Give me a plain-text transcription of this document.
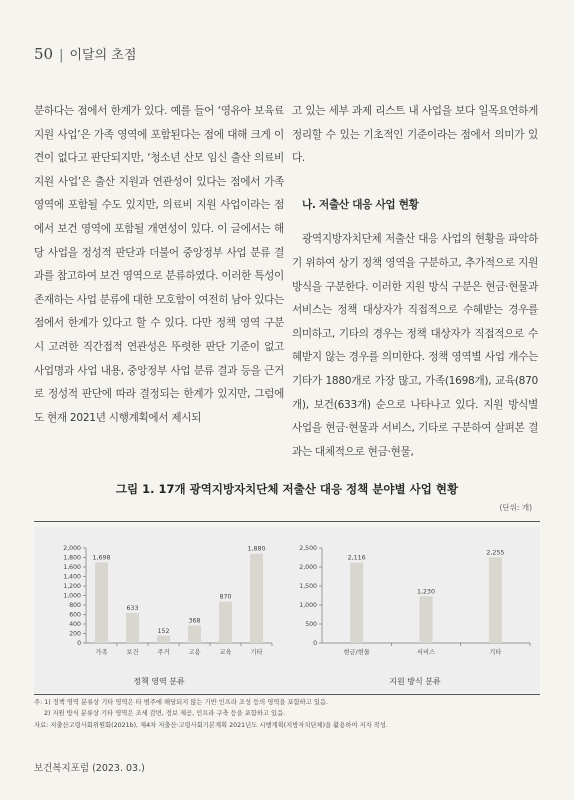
50 | 이달의 초점

분하다는 점에서 한계가 있다. 예를 들어 ‘영유아 보육료 지원 사업’은 가족 영역에 포함된다는 점에 대해 크게 이견이 없다고 판단되지만, ‘청소년 산모 임신 출산 의료비 지원 사업’은 출산 지원과 연관성이 있다는 점에서 가족 영역에 포함될 수도 있지만, 의료비 지원 사업이라는 점에서 보건 영역에 포함될 개연성이 있다. 이 글에서는 해당 사업을 정성적 판단과 더불어 중앙정부 사업 분류 결과를 참고하여 보건 영역으로 분류하였다. 이러한 특성이 존재하는 사업 분류에 대한 모호함이 여전히 남아 있다는 점에서 한계가 있다고 할 수 있다. 다만 정책 영역 구분 시 고려한 직간접적 연관성은 뚜렷한 판단 기준이 없고 사업명과 사업 내용, 중앙정부 사업 분류 결과 등을 근거로 정성적 판단에 따라 결정되는 한계가 있지만, 그럼에도 현재 2021년 시행계획에서 제시되

고 있는 세부 과제 리스트 내 사업을 보다 일목요연하게 정리할 수 있는 기초적인 기준이라는 점에서 의미가 있다.

나. 저출산 대응 사업 현황

광역지방자치단체 저출산 대응 사업의 현황을 파악하기 위하여 상기 정책 영역을 구분하고, 추가적으로 지원 방식을 구분한다. 이러한 지원 방식 구분은 현금·현물과 서비스는 정책 대상자가 직접적으로 수혜받는 경우를 의미하고, 기타의 경우는 정책 대상자가 직접적으로 수혜받지 않는 경우를 의미한다. 정책 영역별 사업 개수는 기타가 1880개로 가장 많고, 가족(1698개), 교육(870개), 보건(633개) 순으로 나타나고 있다. 지원 방식별 사업을 현금·현물과 서비스, 기타로 구분하여 살펴본 결과는 대체적으로 현금·현물,

그림 1. 17개 광역지방자치단체 저출산 대응 정책 분야별 사업 현황
(단위: 개)
0
200
400
600
800
1,000
1,200
1,400
1,600
1,800
2,000
1,698
가족
633
보건
152
주거
368
고용
870
교육
1,880
기타
0
500
1,000
1,500
2,000
2,500
2,116
현금/현물
1,230
서비스
2,255
기타
정책 영역 분류	지원 방식 분류
주: 1) 정책 영역 분류상 기타 영역은 타 범주에 해당되지 않는 기반 인프라 조성 등의 영역을 포함하고 있음.
2) 지원 방식 분류상 기타 영역은 조세 감면, 정보 제공, 인프라 구축 등을 포함하고 있음.
자료: 저출산고령사회위원회(2021b), 제4차 저출산·고령사회기본계획 2021년도 시행계획(지방자치단체)을 활용하여 저자 작성.
보건복지포럼 (2023. 03.)
